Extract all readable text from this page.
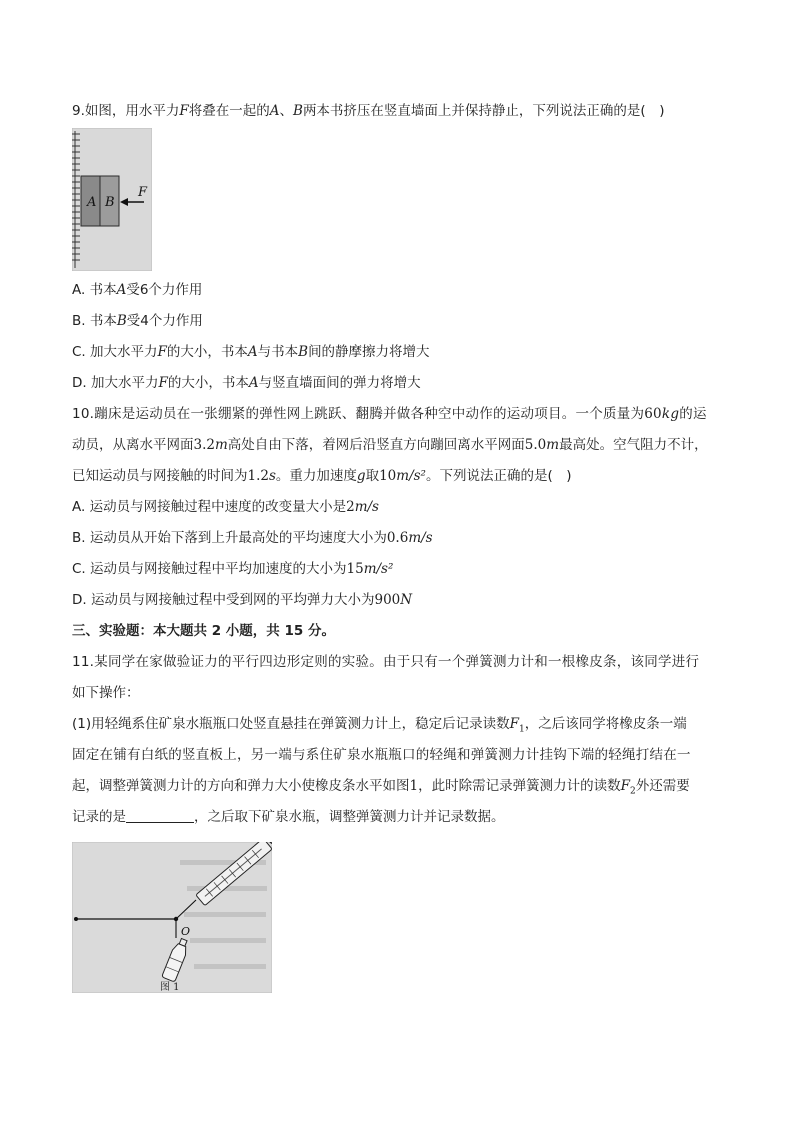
9.如图，用水平力F将叠在一起的A、B两本书挤压在竖直墙面上并保持静止，下列说法正确的是(　)
A B
F
A. 书本A受6个力作用
B. 书本B受4个力作用
C. 加大水平力F的大小，书本A与书本B间的静摩擦力将增大
D. 加大水平力F的大小，书本A与竖直墙面间的弹力将增大
10.蹦床是运动员在一张绷紧的弹性网上跳跃、翻腾并做各种空中动作的运动项目。一个质量为60kg的运
动员，从离水平网面3.2m高处自由下落，着网后沿竖直方向蹦回离水平网面5.0m最高处。空气阻力不计，
已知运动员与网接触的时间为1.2s。重力加速度g取10m/s²。下列说法正确的是(　)
A. 运动员与网接触过程中速度的改变量大小是2m/s
B. 运动员从开始下落到上升最高处的平均速度大小为0.6m/s
C. 运动员与网接触过程中平均加速度的大小为15m/s²
D. 运动员与网接触过程中受到网的平均弹力大小为900N
三、实验题：本大题共 2 小题，共 15 分。
11.某同学在家做验证力的平行四边形定则的实验。由于只有一个弹簧测力计和一根橡皮条，该同学进行
如下操作：
(1)用轻绳系住矿泉水瓶瓶口处竖直悬挂在弹簧测力计上，稳定后记录读数$F_1$，之后该同学将橡皮条一端
固定在铺有白纸的竖直板上，另一端与系住矿泉水瓶瓶口的轻绳和弹簧测力计挂钩下端的轻绳打结在一
起，调整弹簧测力计的方向和弹力大小使橡皮条水平如图1，此时除需记录弹簧测力计的读数$F_2$外还需要
记录的是	，之后取下矿泉水瓶，调整弹簧测力计并记录数据。
O
图 1
